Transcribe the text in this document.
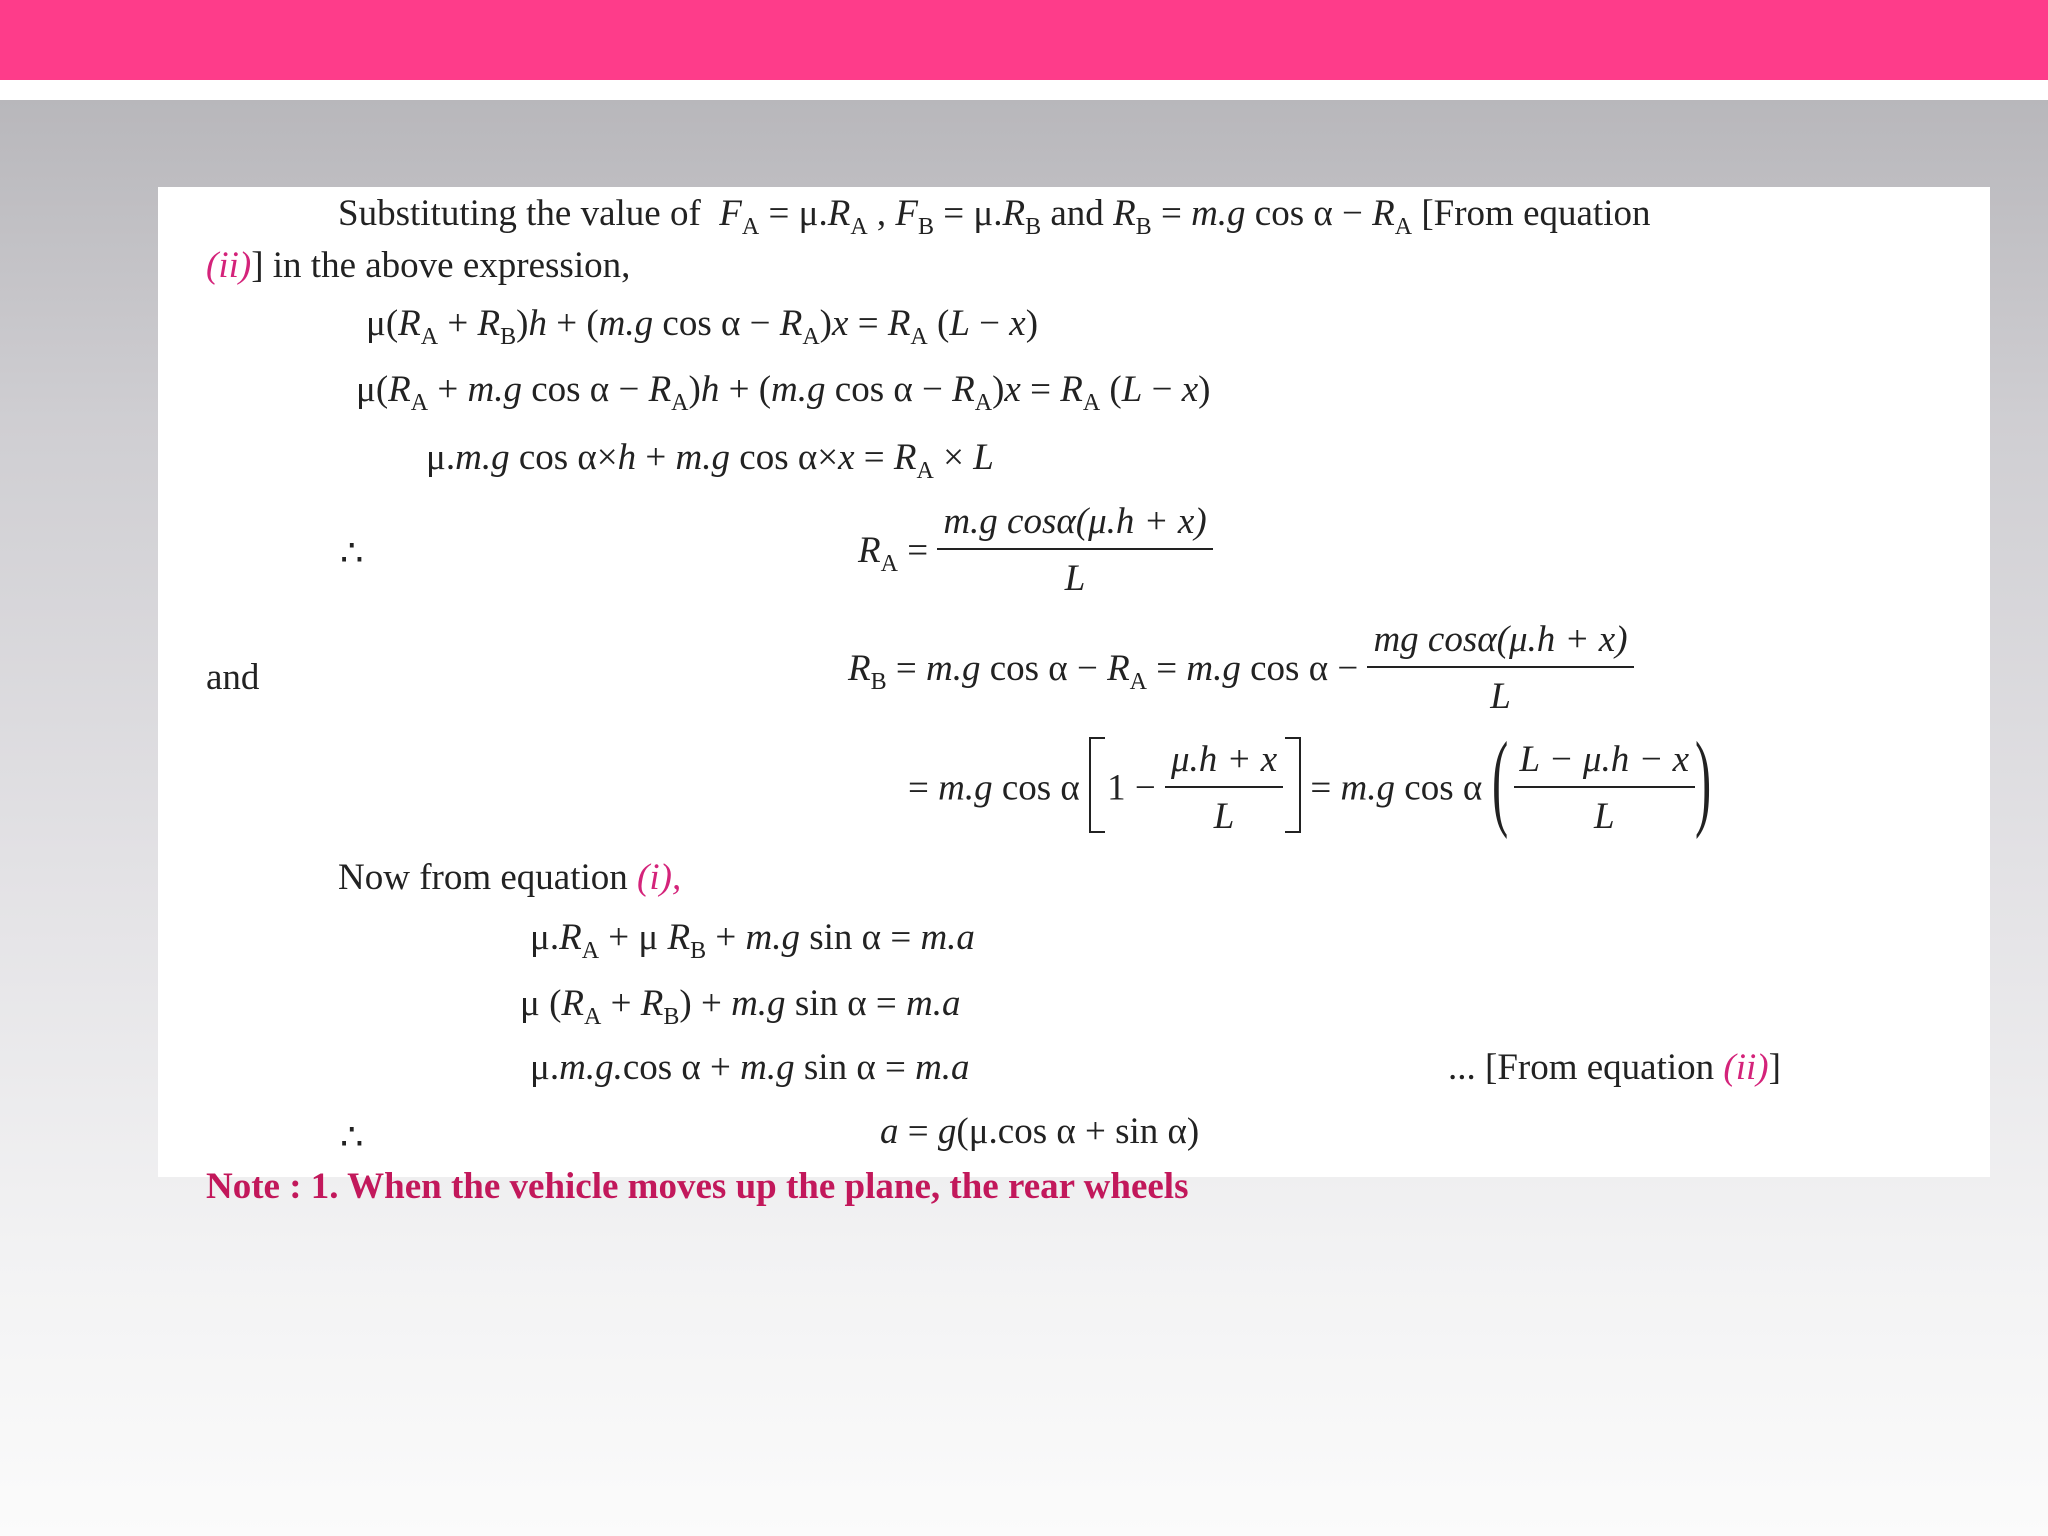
Substituting the value of  $F_A = \mu.R_A$ , $F_B = \mu.R_B$ and $R_B = m.g$ $\cos \alpha - R_A$ [From equation
(ii)] in the above expression,
$\mu(R_A + R_B)h + (m.g$ $\cos \alpha - R_A)x = R_A$ (L − x)
$\mu(R_A + m.g$ $\cos \alpha - R_A)h + (m.g$ $\cos \alpha - R_A)x = R_A$ (L − x)
μ.m.g cos α×h + m.g $\cos \alpha\times x = R_A \times L$
∴	$R_A = \frac{\text{m.g cosα(μ.h + x)}}{L}$
and	$R_B = m.g$ $\cos \alpha - R_A = m.g$ $\cos \alpha - \frac{\text{mg cosα(μ.h + x)}}{L}$
= m.g cos α $1 - \frac{\mu.h + x}{L} = m.g$ cos α ( $\frac{L - \mu.h - x}{L}$ )
Now from equation (i),
$\mu.R_A + \mu$ $R_B + m.g$ sin α = m.a
μ $(R_A + R_B) + m.g$ sin α = m.a
μ.m.g.cos α + m.g sin α = m.a	... [From equation (ii)]
∴	a = g(μ.cos α + sin α)
Note : 1. When the vehicle moves up the plane, the rear wheels
